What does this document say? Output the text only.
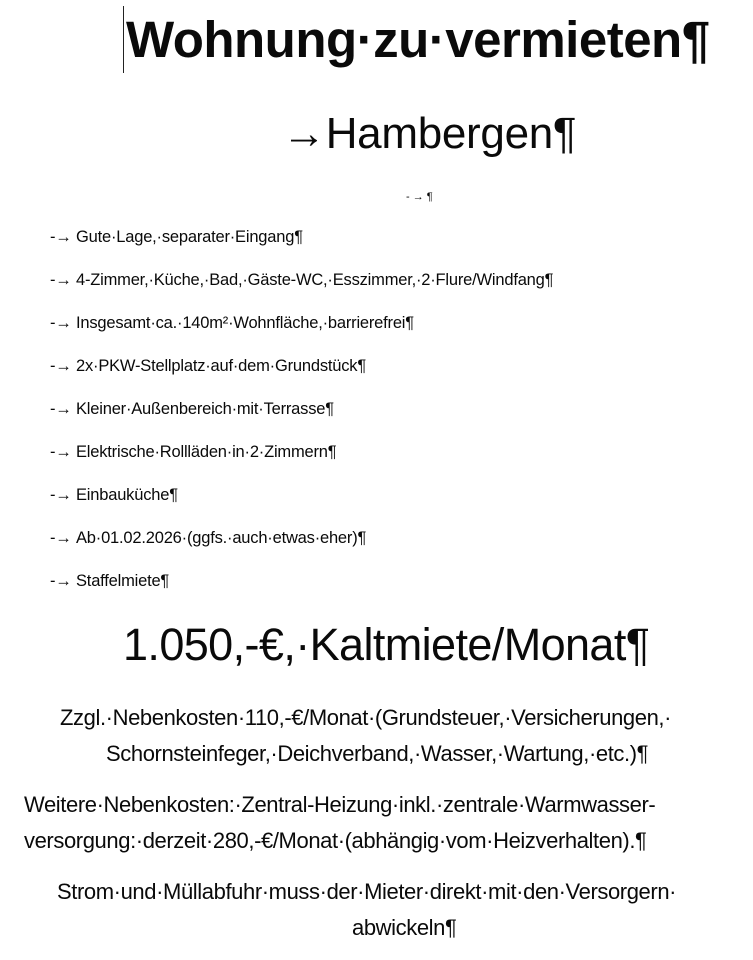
Wohnung·zu·vermieten¶
→Hambergen¶
- → ¶
-→ Gute·Lage,·separater·Eingang¶
-→ 4-Zimmer,·Küche,·Bad,·Gäste-WC,·Esszimmer,·2·Flure/Windfang¶
-→ Insgesamt·ca.·140m²·Wohnfläche,·barrierefrei¶
-→ 2x·PKW-Stellplatz·auf·dem·Grundstück¶
-→ Kleiner·Außenbereich·mit·Terrasse¶
-→ Elektrische·Rollläden·in·2·Zimmern¶
-→ Einbauküche¶
-→ Ab·01.02.2026·(ggfs.·auch·etwas·eher)¶
-→ Staffelmiete¶
1.050,-€,·Kaltmiete/Monat¶
Zzgl.·Nebenkosten·110,-€/Monat·(Grundsteuer,·Versicherungen,·
Schornsteinfeger,·Deichverband,·Wasser,·Wartung,·etc.)¶
Weitere·Nebenkosten:·Zentral-Heizung·inkl.·zentrale·Warmwasser-
versorgung:·derzeit·280,-€/Monat·(abhängig·vom·Heizverhalten).¶
Strom·und·Müllabfuhr·muss·der·Mieter·direkt·mit·den·Versorgern·
abwickeln¶
